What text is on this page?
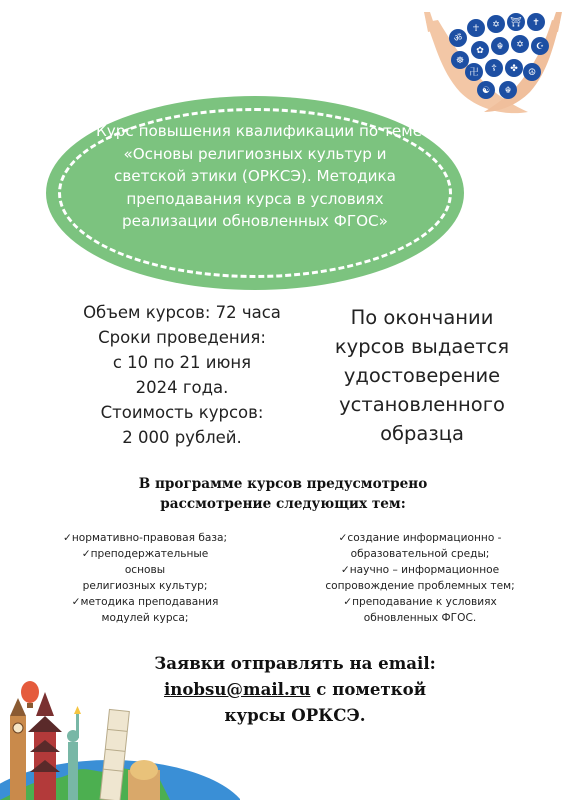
ॐ
☥ ✡ ⛩ ✝
☸
✿ ☬ ✡ ☪
卍 ☦ ✤ ☮
☯ ☬
Курс повышения квалификации по теме
«Основы религиозных культур и
светской этики (ОРКСЭ). Методика
преподавания курса в условиях
реализации обновленных ФГОС»
Объем курсов: 72 часа
Сроки проведения:
с 10 по 21 июня
2024 года.
Стоимость курсов:
2 000 рублей.
По окончании
курсов выдается
удостоверение
установленного
образца
В программе курсов предусмотрено
рассмотрение следующих тем:
✓нормативно-правовая база;
✓преподержательные
основы
религиозных культур;
✓методика преподавания
модулей курса;
✓создание информационно -
образовательной среды;
✓научно – информационное
сопровождение проблемных тем;
✓преподавание к условиях
обновленных ФГОС.
Заявки отправлять на email:
inobsu@mail.ru с пометкой
курсы ОРКСЭ.
